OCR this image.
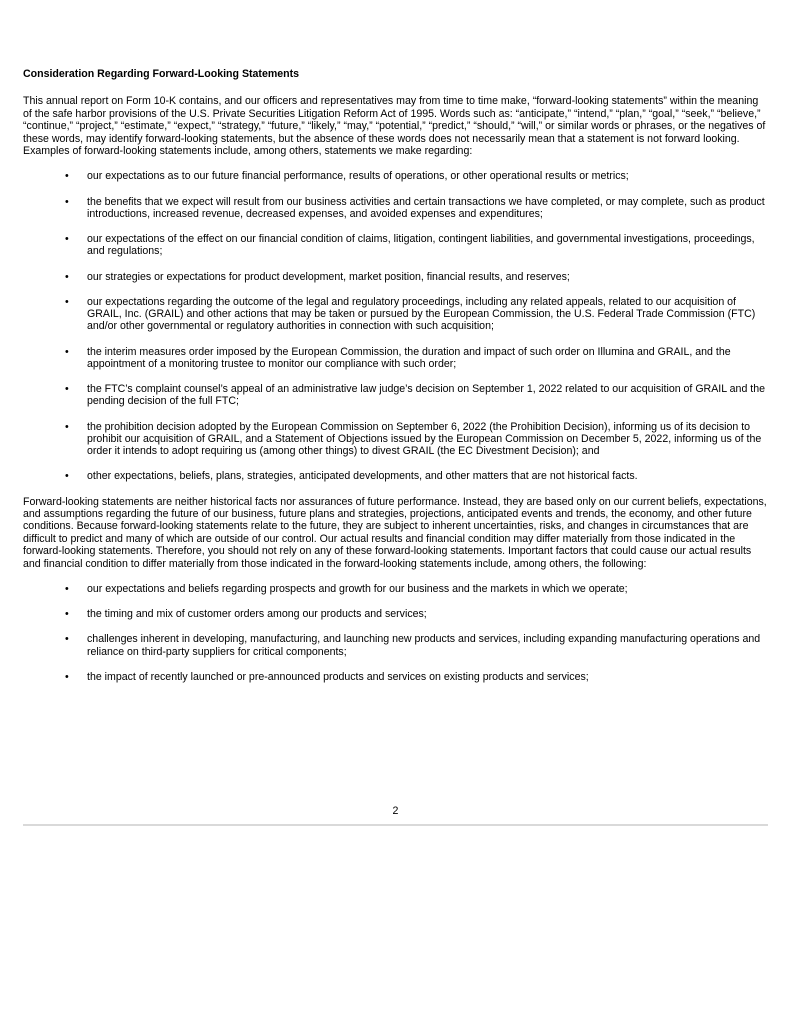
Consideration Regarding Forward-Looking Statements

This annual report on Form 10-K contains, and our officers and representatives may from time to time make, “forward-looking statements” within the meaning of the safe harbor provisions of the U.S. Private Securities Litigation Reform Act of 1995. Words such as: “anticipate,” “intend,” “plan,” “goal,” “seek,” “believe,” “continue,” “project,” “estimate,” “expect,” “strategy,” “future,” “likely,” “may,” “potential,” “predict,” “should,” “will,” or similar words or phrases, or the negatives of these words, may identify forward-looking statements, but the absence of these words does not necessarily mean that a statement is not forward looking. Examples of forward-looking statements include, among others, statements we make regarding:

• our expectations as to our future financial performance, results of operations, or other operational results or metrics;
• the benefits that we expect will result from our business activities and certain transactions we have completed, or may complete, such as product introductions, increased revenue, decreased expenses, and avoided expenses and expenditures;
• our expectations of the effect on our financial condition of claims, litigation, contingent liabilities, and governmental investigations, proceedings, and regulations;
• our strategies or expectations for product development, market position, financial results, and reserves;
• our expectations regarding the outcome of the legal and regulatory proceedings, including any related appeals, related to our acquisition of GRAIL, Inc. (GRAIL) and other actions that may be taken or pursued by the European Commission, the U.S. Federal Trade Commission (FTC) and/or other governmental or regulatory authorities in connection with such acquisition;
• the interim measures order imposed by the European Commission, the duration and impact of such order on Illumina and GRAIL, and the appointment of a monitoring trustee to monitor our compliance with such order;
• the FTC’s complaint counsel’s appeal of an administrative law judge’s decision on September 1, 2022 related to our acquisition of GRAIL and the pending decision of the full FTC;
• the prohibition decision adopted by the European Commission on September 6, 2022 (the Prohibition Decision), informing us of its decision to prohibit our acquisition of GRAIL, and a Statement of Objections issued by the European Commission on December 5, 2022, informing us of the order it intends to adopt requiring us (among other things) to divest GRAIL (the EC Divestment Decision); and
• other expectations, beliefs, plans, strategies, anticipated developments, and other matters that are not historical facts.

Forward-looking statements are neither historical facts nor assurances of future performance. Instead, they are based only on our current beliefs, expectations, and assumptions regarding the future of our business, future plans and strategies, projections, anticipated events and trends, the economy, and other future conditions. Because forward-looking statements relate to the future, they are subject to inherent uncertainties, risks, and changes in circumstances that are difficult to predict and many of which are outside of our control. Our actual results and financial condition may differ materially from those indicated in the forward-looking statements. Therefore, you should not rely on any of these forward-looking statements. Important factors that could cause our actual results and financial condition to differ materially from those indicated in the forward-looking statements include, among others, the following:

• our expectations and beliefs regarding prospects and growth for our business and the markets in which we operate;
• the timing and mix of customer orders among our products and services;
• challenges inherent in developing, manufacturing, and launching new products and services, including expanding manufacturing operations and reliance on third-party suppliers for critical components;
• the impact of recently launched or pre-announced products and services on existing products and services;
2
